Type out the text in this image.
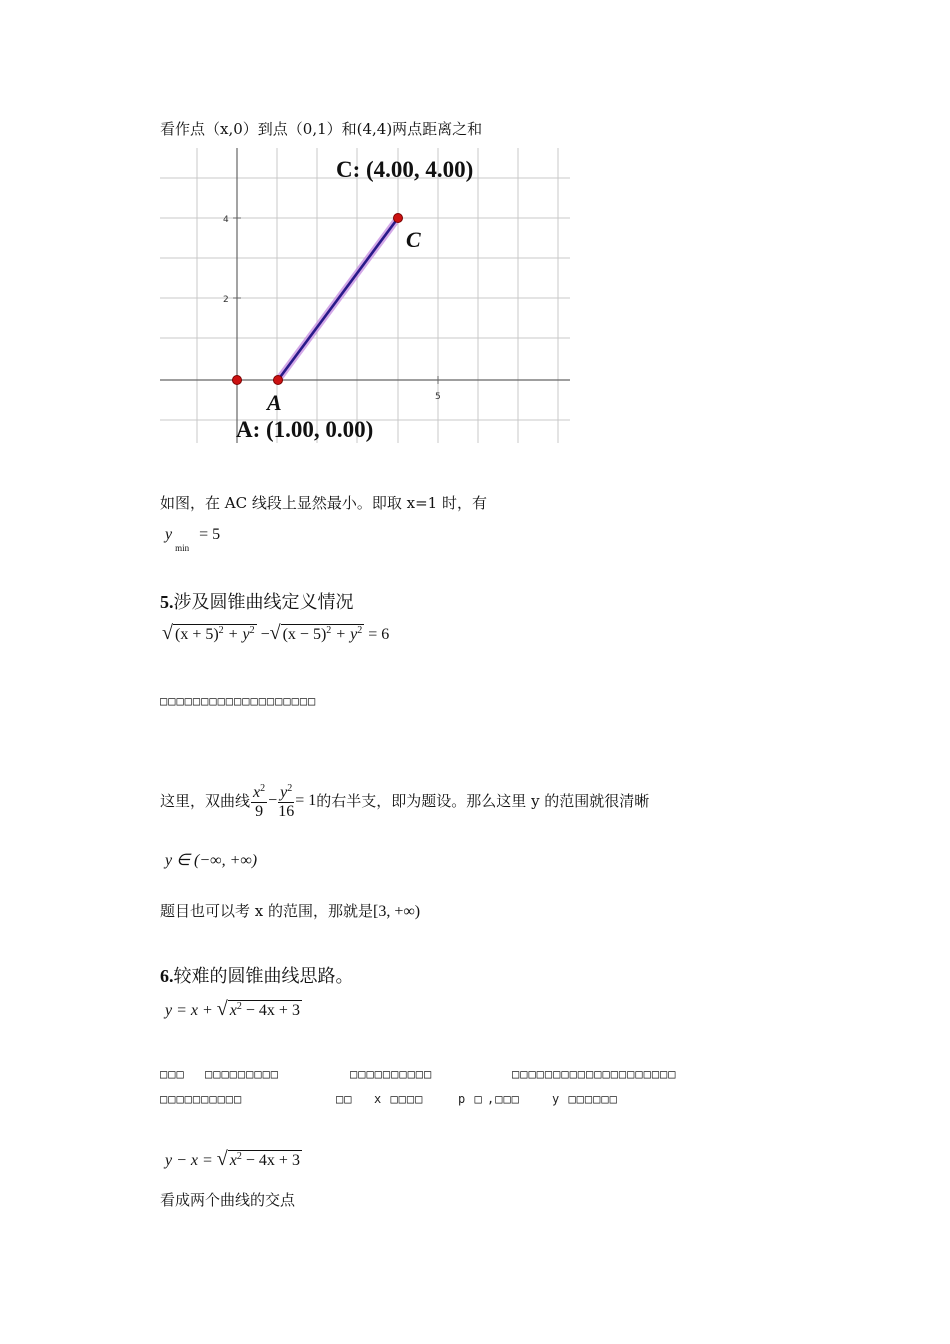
看作点（x,0）到点（0,1）和(4,4)两点距离之和
4
2
5
C: (4.00, 4.00)
C
A
A: (1.00, 0.00)
如图，在 AC 线段上显然最小。即取 x=1 时，有
$y_{min} = 5$
5.涉及圆锥曲线定义情况
√ $(x + 5)^2 + y^2$ −√ $(x - 5)^2 + y^2 = 6$
□□□□□□□□□□□□□□□□□□□
这里，双曲线 $\frac{x^2}{9} - \frac{y^2}{16} = 1$ 的右半支，即为题设。那么这里 y 的范围就很清晰
y ∈ (−∞, +∞)
题目也可以考 x 的范围，那就是[3, +∞)
6.较难的圆锥曲线思路。
y = x + √ $x^2 - 4x + 3$
□□□ □□□□□□□□□	□□□□□□□□□□	□□□□□□□□□□□□□□□□□□□□
□□□□□□□□□□	□□ x □□□□	p □ ,□□□	y □□□□□□
y − x = √ $x^2 - 4x + 3$
看成两个曲线的交点
